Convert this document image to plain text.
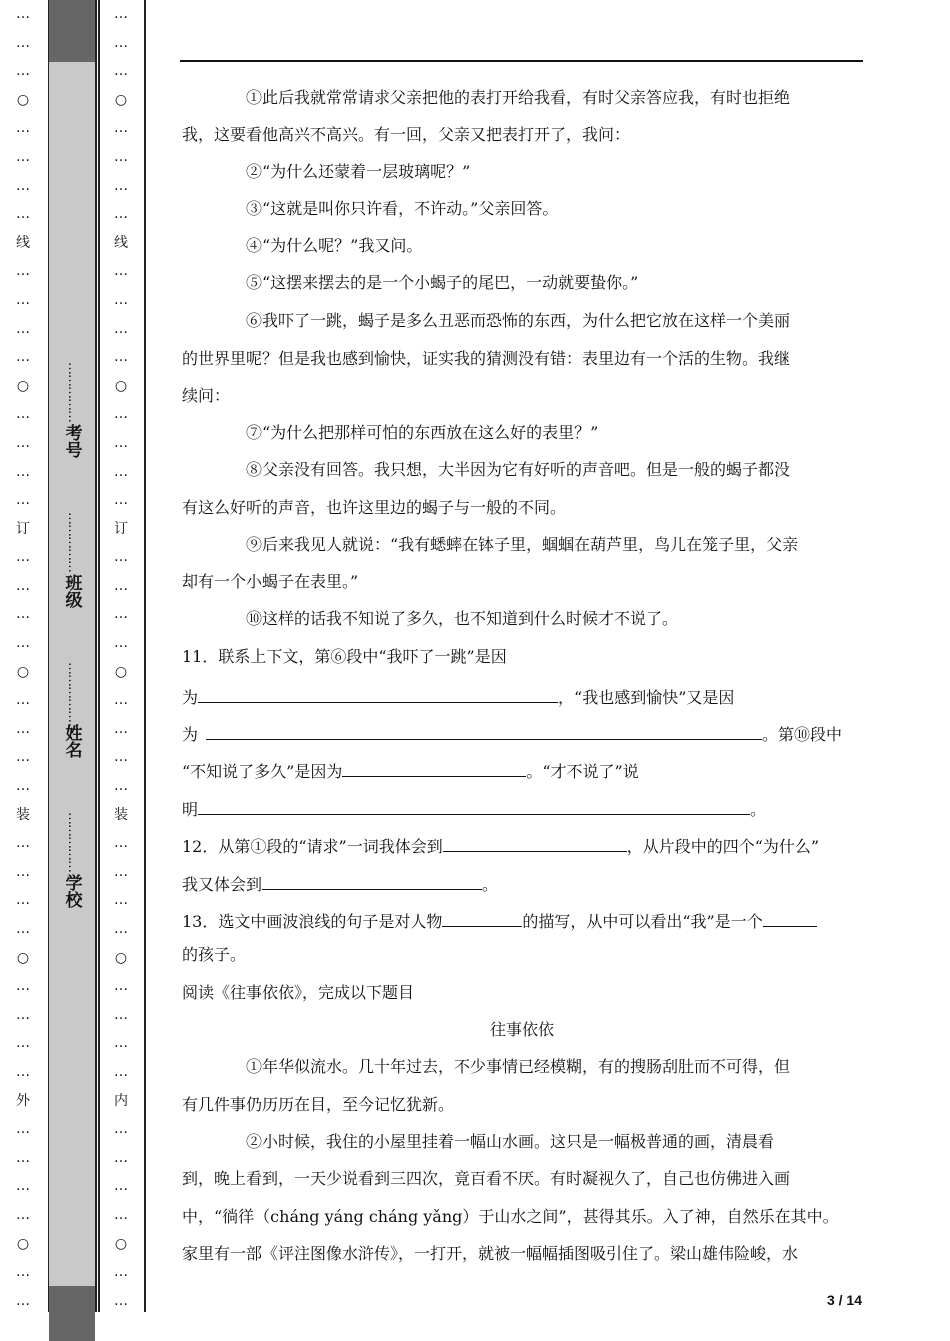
…
…
…
○
…
…
…
…
线
…
…
…
…
○
…
…
…
…
订
…
…
…
…
○
…
…
…
…
装
…
…
…
…
○
…
…
…
…
外
…
…
…
…
○
…
…
…
…
…
○
…
…
…
…
线
…
…
…
…
○
…
…
…
…
订
…
…
…
…
○
…
…
…
…
装
…
…
…
…
○
…
…
…
…
内
…
…
…
…
○
…
…
……………
考号
……………
班级
……………
姓名
……………
学校
①此后我就常常请求父亲把他的表打开给我看，有时父亲答应我，有时也拒绝
我，这要看他高兴不高兴。有一回，父亲又把表打开了，我问：
②“为什么还蒙着一层玻璃呢？”
③“这就是叫你只许看，不许动。”父亲回答。
④“为什么呢？”我又问。
⑤“这摆来摆去的是一个小蝎子的尾巴，一动就要蛰你。”
⑥我吓了一跳，蝎子是多么丑恶而恐怖的东西，为什么把它放在这样一个美丽
的世界里呢？但是我也感到愉快，证实我的猜测没有错：表里边有一个活的生物。我继
续问：
⑦“为什么把那样可怕的东西放在这么好的表里？”
⑧父亲没有回答。我只想，大半因为它有好听的声音吧。但是一般的蝎子都没
有这么好听的声音，也许这里边的蝎子与一般的不同。
⑨后来我见人就说：“我有蟋蟀在钵子里，蝈蝈在葫芦里，鸟儿在笼子里，父亲
却有一个小蝎子在表里。”
⑩这样的话我不知说了多久，也不知道到什么时候才不说了。
11．联系上下文，第⑥段中“我吓了一跳”是因
为	，“我也感到愉快”又是因
为	。第⑩段中
“不知说了多久”是因为	。“才不说了”说
明	。
12．从第①段的“请求”一词我体会到	，从片段中的四个“为什么”
我又体会到	。
13．选文中画波浪线的句子是对人物	的描写，从中可以看出“我”是一个
的孩子。
阅读《往事依依》，完成以下题目
往事依依
①年华似流水。几十年过去，不少事情已经模糊，有的搜肠刮肚而不可得，但
有几件事仍历历在目，至今记忆犹新。
②小时候，我住的小屋里挂着一幅山水画。这只是一幅极普通的画，清晨看
到，晚上看到，一天少说看到三四次，竟百看不厌。有时凝视久了，自己也仿佛进入画
中，“徜徉（cháng yáng cháng yǎng）于山水之间”，甚得其乐。入了神，自然乐在其中。
家里有一部《评注图像水浒传》，一打开，就被一幅幅插图吸引住了。梁山雄伟险峻，水
3 / 14
